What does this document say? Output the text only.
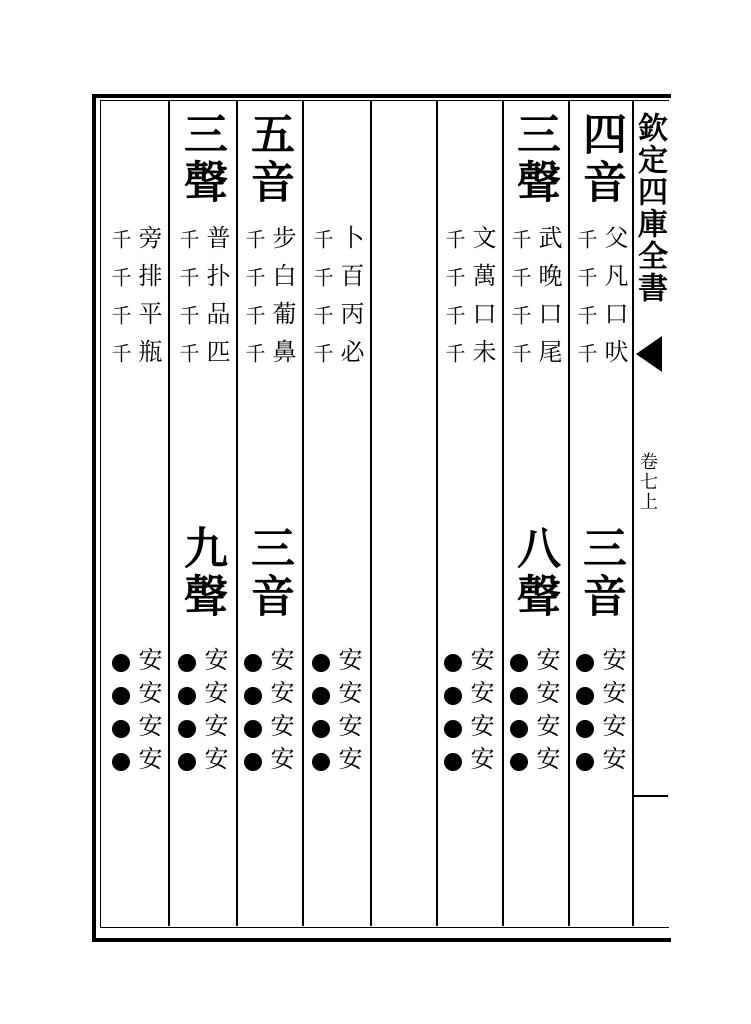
欽定四庫全書
卷七上
四音
父凡口吠
千千千千
三音
安安安安
三聲
武晚口尾
千千千千
八聲
安安安安
文萬口未
千千千千
安安安安
卜百丙必
千千千千
安安安安
五音
步白葡鼻
千千千千
三音
安安安安
三聲
普扑品匹
千千千千
九聲
安安安安
旁排平瓶
千千千千
安安安安
